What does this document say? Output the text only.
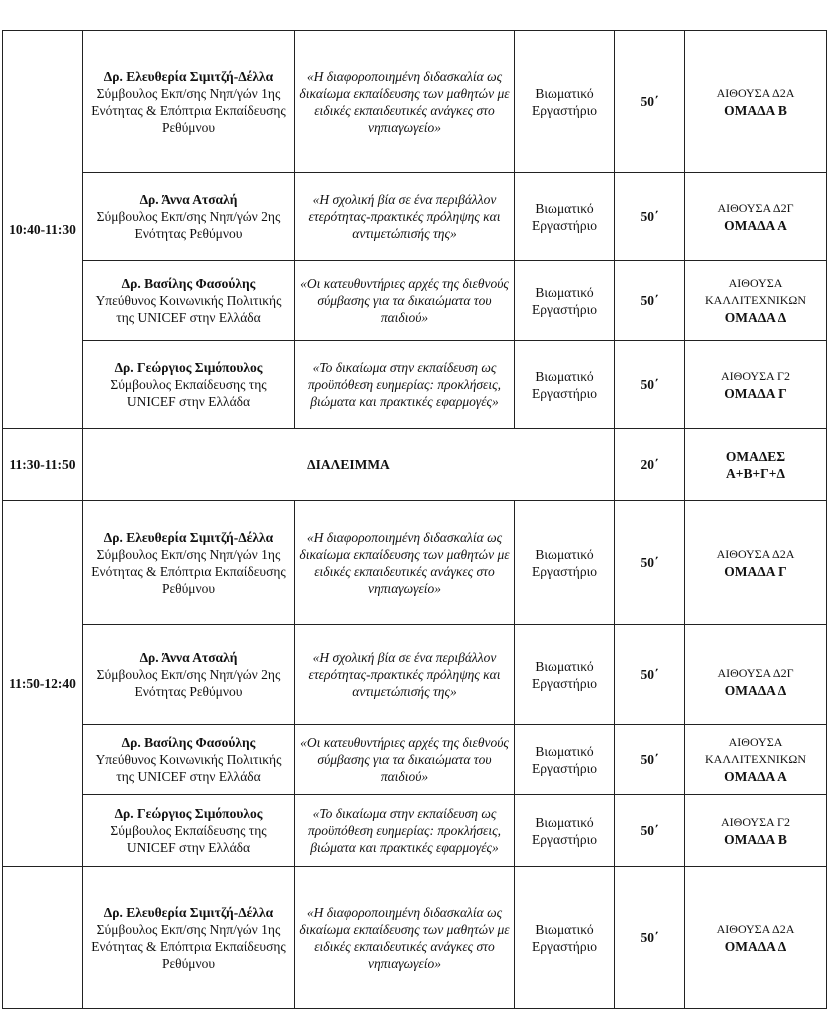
10:40-11:30	Δρ. Ελευθερία Σιμιτζή-Δέλλα
Σύμβουλος Εκπ/σης Νηπ/γών 1ης Ενότητας & Επόπτρια Εκπαίδευσης Ρεθύμνου	«Η διαφοροποιημένη διδασκαλία ως δικαίωμα εκπαίδευσης των μαθητών με ειδικές εκπαιδευτικές ανάγκες στο νηπιαγωγείο»	Βιωματικό Εργαστήριο	50΄	ΑΙΘΟΥΣΑ Δ2Α
ΟΜΑΔΑ Β

	Δρ. Άννα Ατσαλή
Σύμβουλος Εκπ/σης Νηπ/γών 2ης Ενότητας Ρεθύμνου	«Η σχολική βία σε ένα περιβάλλον ετερότητας-πρακτικές πρόληψης και αντιμετώπισής της»	Βιωματικό Εργαστήριο	50΄	ΑΙΘΟΥΣΑ Δ2Γ
ΟΜΑΔΑ Α

	Δρ. Βασίλης Φασούλης
Υπεύθυνος Κοινωνικής Πολιτικής της UNICEF στην Ελλάδα	«Οι κατευθυντήριες αρχές της διεθνούς σύμβασης για τα δικαιώματα του παιδιού»	Βιωματικό Εργαστήριο	50΄	ΑΙΘΟΥΣΑ ΚΑΛΛΙΤΕΧΝΙΚΩΝ
ΟΜΑΔΑ Δ

	Δρ. Γεώργιος Σιμόπουλος
Σύμβουλος Εκπαίδευσης της UNICEF στην Ελλάδα	«Το δικαίωμα στην εκπαίδευση ως προϋπόθεση ευημερίας: προκλήσεις, βιώματα και πρακτικές εφαρμογές»	Βιωματικό Εργαστήριο	50΄	ΑΙΘΟΥΣΑ Γ2
ΟΜΑΔΑ Γ

11:30-11:50	ΔΙΑΛΕΙΜΜΑ			20΄	ΟΜΑΔΕΣ
Α+Β+Γ+Δ

11:50-12:40	Δρ. Ελευθερία Σιμιτζή-Δέλλα
Σύμβουλος Εκπ/σης Νηπ/γών 1ης Ενότητας & Επόπτρια Εκπαίδευσης Ρεθύμνου	«Η διαφοροποιημένη διδασκαλία ως δικαίωμα εκπαίδευσης των μαθητών με ειδικές εκπαιδευτικές ανάγκες στο νηπιαγωγείο»	Βιωματικό Εργαστήριο	50΄	ΑΙΘΟΥΣΑ Δ2Α
ΟΜΑΔΑ Γ

	Δρ. Άννα Ατσαλή
Σύμβουλος Εκπ/σης Νηπ/γών 2ης Ενότητας Ρεθύμνου	«Η σχολική βία σε ένα περιβάλλον ετερότητας-πρακτικές πρόληψης και αντιμετώπισής της»	Βιωματικό Εργαστήριο	50΄	ΑΙΘΟΥΣΑ Δ2Γ
ΟΜΑΔΑ Δ

	Δρ. Βασίλης Φασούλης
Υπεύθυνος Κοινωνικής Πολιτικής της UNICEF στην Ελλάδα	«Οι κατευθυντήριες αρχές της διεθνούς σύμβασης για τα δικαιώματα του παιδιού»	Βιωματικό Εργαστήριο	50΄	ΑΙΘΟΥΣΑ ΚΑΛΛΙΤΕΧΝΙΚΩΝ
ΟΜΑΔΑ Α

	Δρ. Γεώργιος Σιμόπουλος
Σύμβουλος Εκπαίδευσης της UNICEF στην Ελλάδα	«Το δικαίωμα στην εκπαίδευση ως προϋπόθεση ευημερίας: προκλήσεις, βιώματα και πρακτικές εφαρμογές»	Βιωματικό Εργαστήριο	50΄	ΑΙΘΟΥΣΑ Γ2
ΟΜΑΔΑ Β

	Δρ. Ελευθερία Σιμιτζή-Δέλλα
Σύμβουλος Εκπ/σης Νηπ/γών 1ης Ενότητας & Επόπτρια Εκπαίδευσης Ρεθύμνου	«Η διαφοροποιημένη διδασκαλία ως δικαίωμα εκπαίδευσης των μαθητών με ειδικές εκπαιδευτικές ανάγκες στο νηπιαγωγείο»	Βιωματικό Εργαστήριο	50΄	ΑΙΘΟΥΣΑ Δ2Α
ΟΜΑΔΑ Δ
